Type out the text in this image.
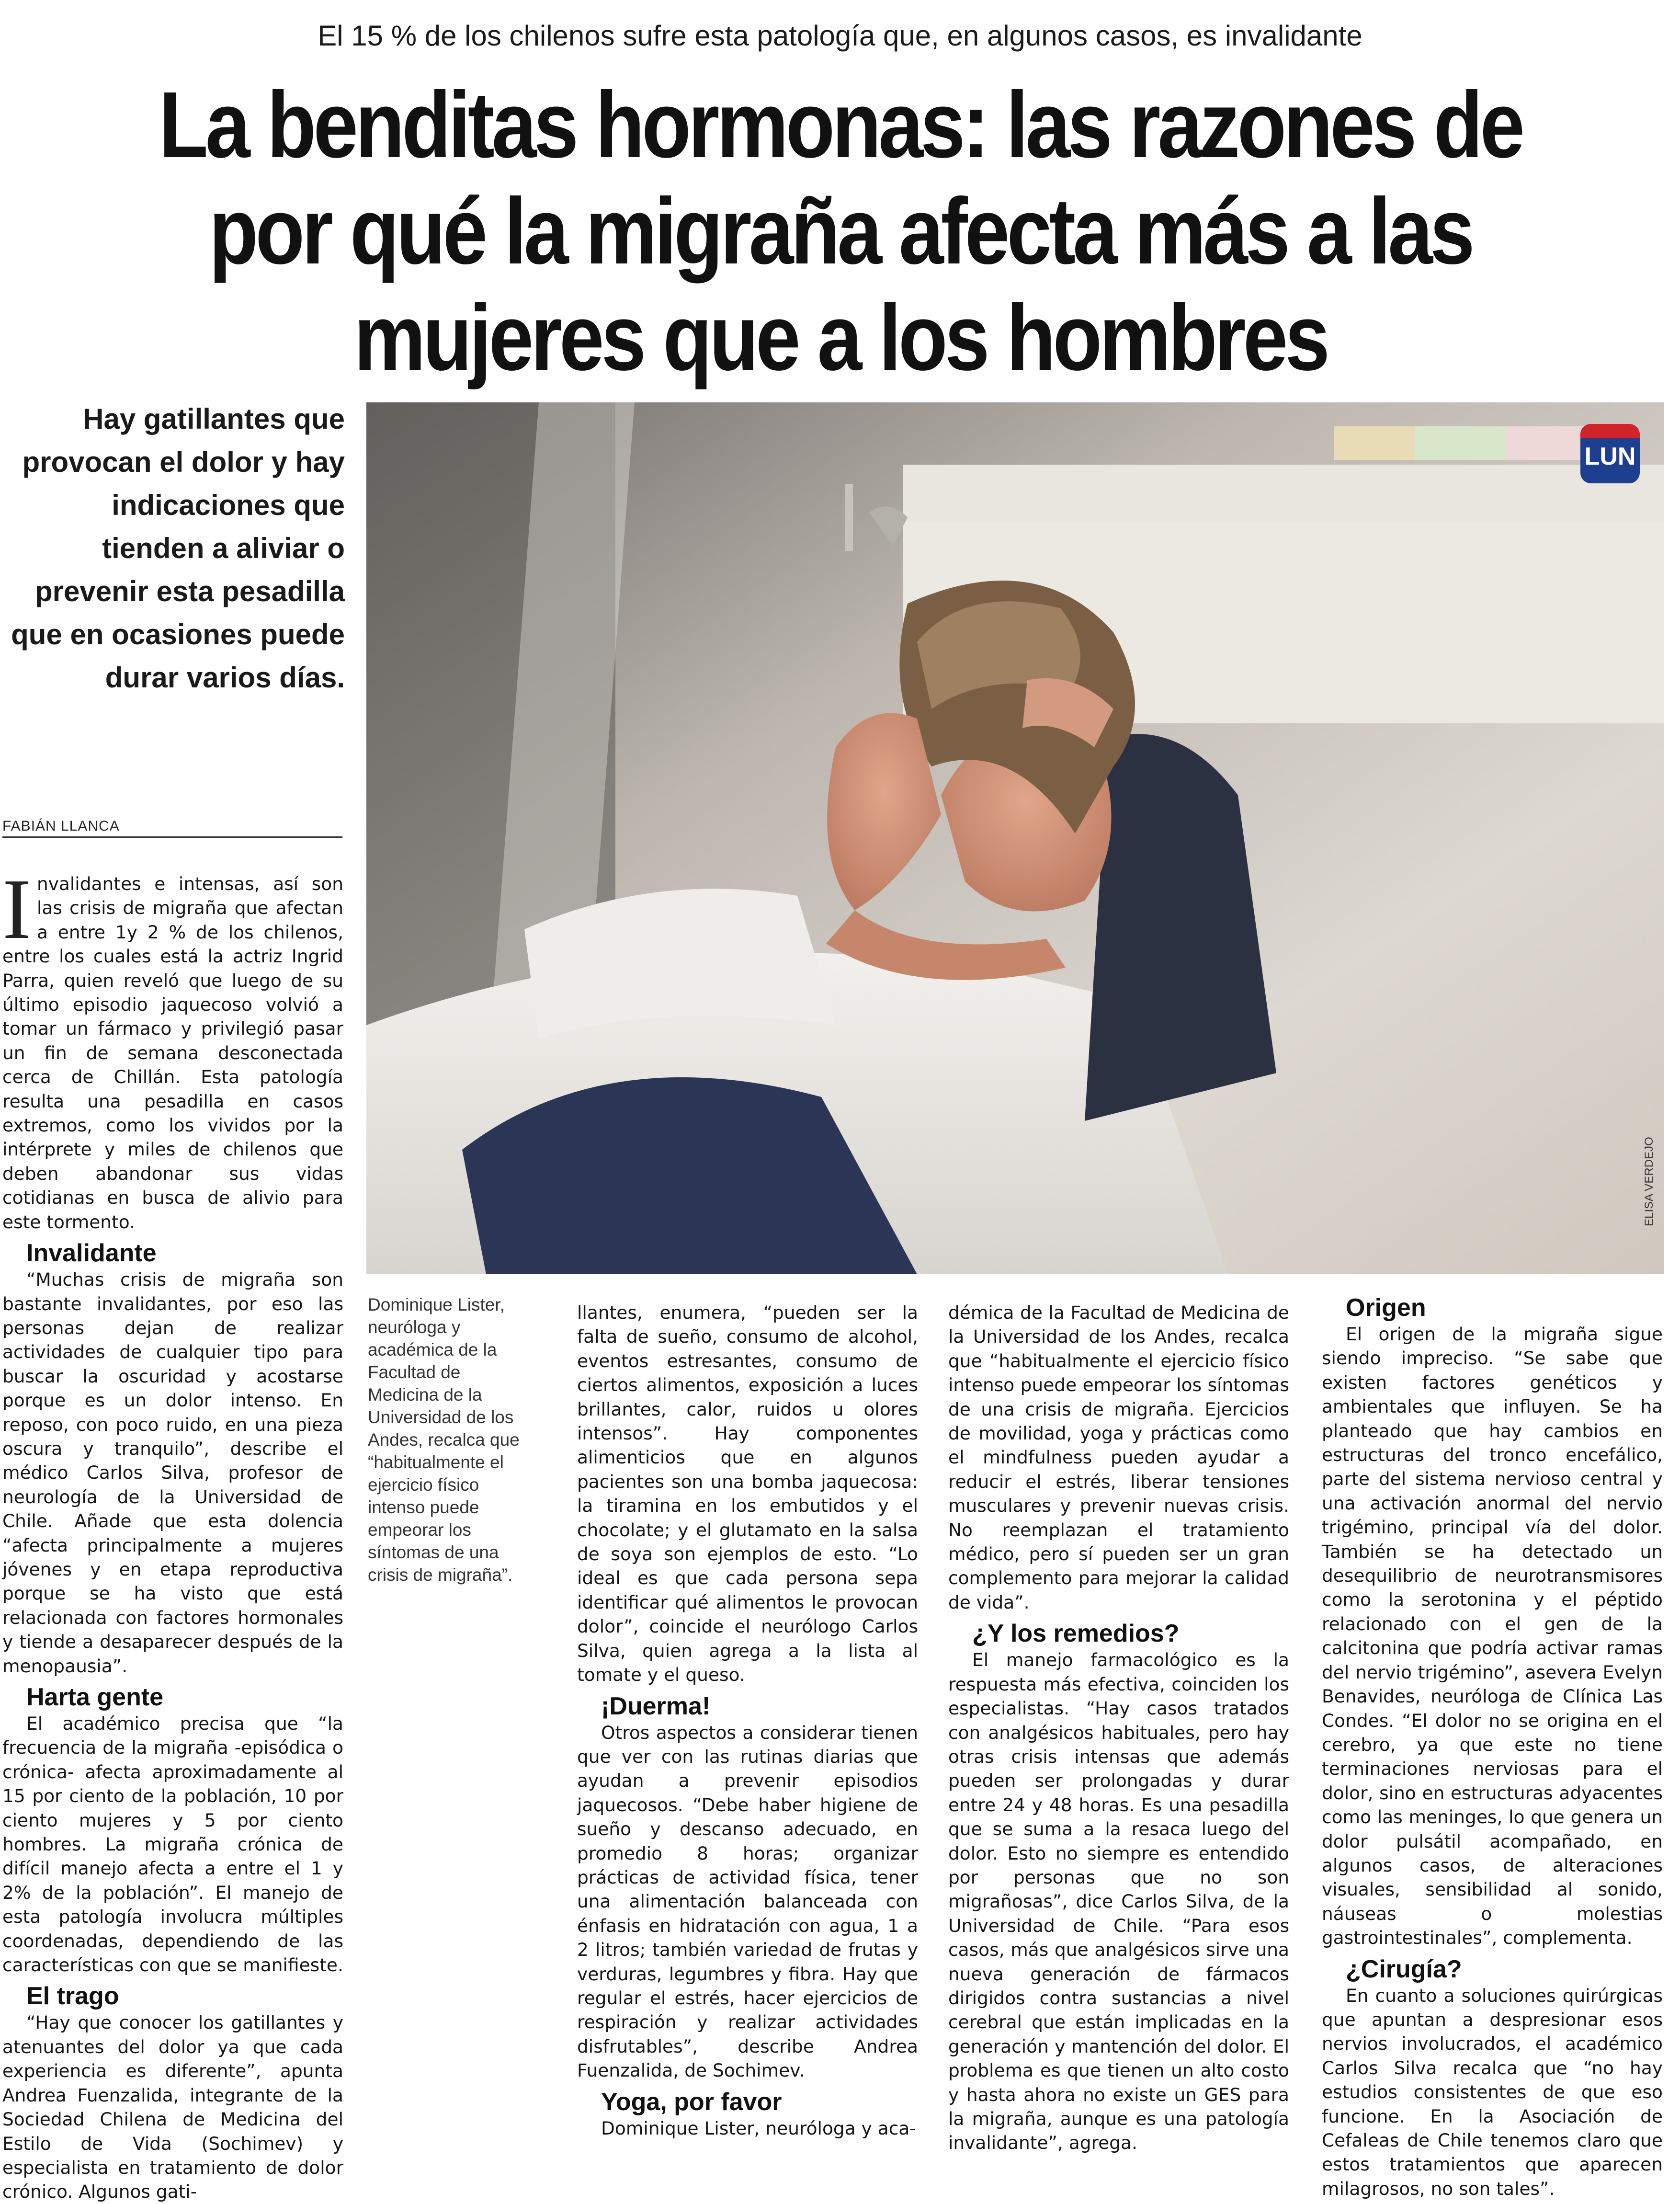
El 15 % de los chilenos sufre esta patología que, en algunos casos, es invalidante
La benditas hormonas: las razones de
por qué la migraña afecta más a las
mujeres que a los hombres
Hay gatillantes que provocan el dolor y hay indicaciones que tienden a aliviar o prevenir esta pesadilla que en ocasiones puede durar varios días.
LUN
FABIÁN LLANCA

Invalidantes e intensas, así son las crisis de migraña que afectan a entre 1y 2 % de los chilenos, entre los cuales está la actriz Ingrid Parra, quien reveló que luego de su último episodio jaquecoso volvió a tomar un fármaco y privilegió pasar un fin de semana desconectada cerca de Chillán. Esta patología resulta una pesadilla en casos extremos, como los vividos por la intérprete y miles de chilenos que deben abandonar sus vidas cotidianas en busca de alivio para este tormento.

Invalidante

“Muchas crisis de migraña son bastante invalidantes, por eso las personas dejan de realizar actividades de cualquier tipo para buscar la oscuridad y acostarse porque es un dolor intenso. En reposo, con poco ruido, en una pieza oscura y tranquilo”, describe el médico Carlos Silva, profesor de neurología de la Universidad de Chile. Añade que esta dolencia “afecta principalmente a mujeres jóvenes y en etapa reproductiva porque se ha visto que está relacionada con factores hormonales y tiende a desaparecer después de la menopausia”.

Harta gente

El académico precisa que “la frecuencia de la migraña -episódica o crónica- afecta aproximadamente al 15 por ciento de la población, 10 por ciento mujeres y 5 por ciento hombres. La migraña crónica de difícil manejo afecta a entre el 1 y 2% de la población”. El manejo de esta patología involucra múltiples coordenadas, dependiendo de las características con que se manifieste.

El trago

“Hay que conocer los gatillantes y atenuantes del dolor ya que cada experiencia es diferente”, apunta Andrea Fuenzalida, integrante de la Sociedad Chilena de Medicina del Estilo de Vida (Sochimev) y especialista en tratamiento de dolor crónico. Algunos gati-

Dominique Lister, neuróloga y académica de la Facultad de Medicina de la Universidad de los Andes, recalca que “habitualmente el ejercicio físico intenso puede empeorar los síntomas de una crisis de migraña”.

llantes, enumera, “pueden ser la falta de sueño, consumo de alcohol, eventos estresantes, consumo de ciertos alimentos, exposición a luces brillantes, calor, ruidos u olores intensos”. Hay componentes alimenticios que en algunos pacientes son una bomba jaquecosa: la tiramina en los embutidos y el chocolate; y el glutamato en la salsa de soya son ejemplos de esto. “Lo ideal es que cada persona sepa identificar qué alimentos le provocan dolor”, coincide el neurólogo Carlos Silva, quien agrega a la lista al tomate y el queso.

¡Duerma!

Otros aspectos a considerar tienen que ver con las rutinas diarias que ayudan a prevenir episodios jaquecosos. “Debe haber higiene de sueño y descanso adecuado, en promedio 8 horas; organizar prácticas de actividad física, tener una alimentación balanceada con énfasis en hidratación con agua, 1 a 2 litros; también variedad de frutas y verduras, legumbres y fibra. Hay que regular el estrés, hacer ejercicios de respiración y realizar actividades disfrutables”, describe Andrea Fuenzalida, de Sochimev.

Yoga, por favor

Dominique Lister, neuróloga y aca-

démica de la Facultad de Medicina de la Universidad de los Andes, recalca que “habitualmente el ejercicio físico intenso puede empeorar los síntomas de una crisis de migraña. Ejercicios de movilidad, yoga y prácticas como el mindfulness pueden ayudar a reducir el estrés, liberar tensiones musculares y prevenir nuevas crisis. No reemplazan el tratamiento médico, pero sí pueden ser un gran complemento para mejorar la calidad de vida”.

¿Y los remedios?

El manejo farmacológico es la respuesta más efectiva, coinciden los especialistas. “Hay casos tratados con analgésicos habituales, pero hay otras crisis intensas que además pueden ser prolongadas y durar entre 24 y 48 horas. Es una pesadilla que se suma a la resaca luego del dolor. Esto no siempre es entendido por personas que no son migrañosas”, dice Carlos Silva, de la Universidad de Chile. “Para esos casos, más que analgésicos sirve una nueva generación de fármacos dirigidos contra sustancias a nivel cerebral que están implicadas en la generación y mantención del dolor. El problema es que tienen un alto costo y hasta ahora no existe un GES para la migraña, aunque es una patología invalidante”, agrega.

Origen

El origen de la migraña sigue siendo impreciso. “Se sabe que existen factores genéticos y ambientales que influyen. Se ha planteado que hay cambios en estructuras del tronco encefálico, parte del sistema nervioso central y una activación anormal del nervio trigémino, principal vía del dolor. También se ha detectado un desequilibrio de neurotransmisores como la serotonina y el péptido relacionado con el gen de la calcitonina que podría activar ramas del nervio trigémino”, asevera Evelyn Benavides, neuróloga de Clínica Las Condes. “El dolor no se origina en el cerebro, ya que este no tiene terminaciones nerviosas para el dolor, sino en estructuras adyacentes como las meninges, lo que genera un dolor pulsátil acompañado, en algunos casos, de alteraciones visuales, sensibilidad al sonido, náuseas o molestias gastrointestinales”, complementa.

¿Cirugía?

En cuanto a soluciones quirúrgicas que apuntan a despresionar esos nervios involucrados, el académico Carlos Silva recalca que “no hay estudios consistentes de que eso funcione. En la Asociación de Cefaleas de Chile tenemos claro que estos tratamientos que aparecen milagrosos, no son tales”.
